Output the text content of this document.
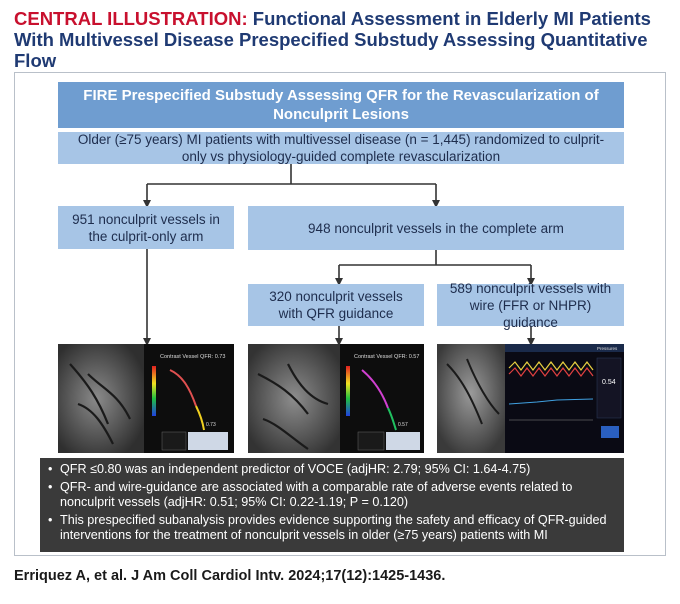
CENTRAL ILLUSTRATION: Functional Assessment in Elderly MI Patients
With Multivessel Disease Prespecified Substudy Assessing Quantitative Flow
FIRE Prespecified Substudy Assessing QFR for the Revascularization of Nonculprit Lesions
Older (≥75 years) MI patients with multivessel disease (n = 1,445) randomized to culprit-only vs physiology-guided complete revascularization
951 nonculprit vessels in the culprit-only arm
948 nonculprit vessels in the complete arm
320 nonculprit vessels with QFR guidance
589 nonculprit vessels with wire (FFR or NHPR) guidance
Contrast Vessel QFR: 0.73
0.73
Contrast Vessel QFR: 0.57
0.57
Pressures
0.54
• QFR ≤0.80 was an independent predictor of VOCE (adjHR: 2.79; 95% CI: 1.64-4.75)
• QFR- and wire-guidance are associated with a comparable rate of adverse events related to nonculprit vessels (adjHR: 0.51; 95% CI: 0.22-1.19; P = 0.120)
• This prespecified subanalysis provides evidence supporting the safety and efficacy of QFR-guided interventions for the treatment of nonculprit vessels in older (≥75 years) patients with MI
Erriquez A, et al. J Am Coll Cardiol Intv. 2024;17(12):1425-1436.
